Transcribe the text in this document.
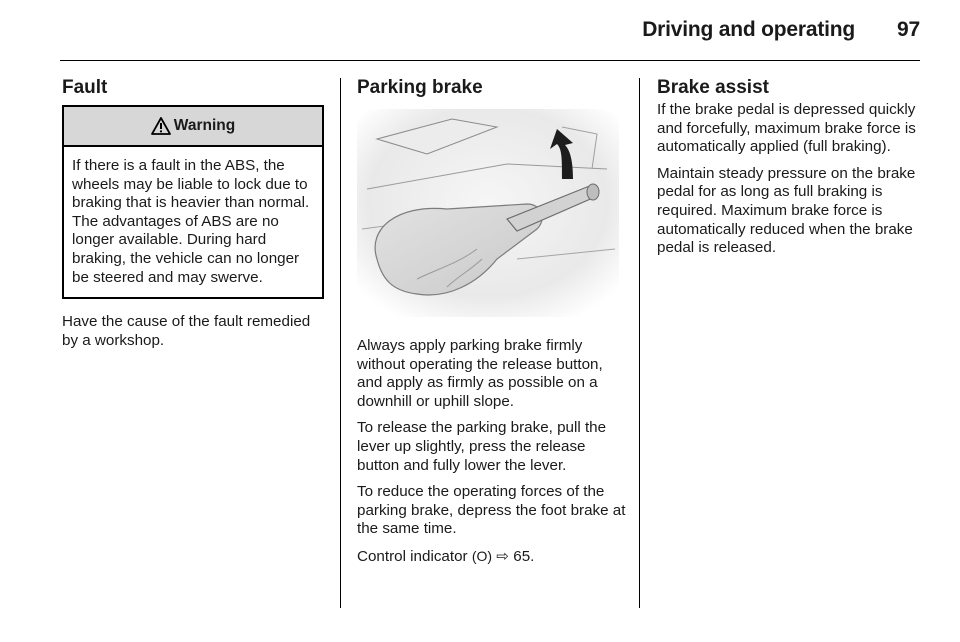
Driving and operating 97
Fault
Warning
If there is a fault in the ABS, the wheels may be liable to lock due to braking that is heavier than normal. The advantages of ABS are no longer available. During hard braking, the vehicle can no longer be steered and may swerve.

Have the cause of the fault remedied by a workshop.

Parking brake

Always apply parking brake firmly without operating the release button, and apply as firmly as possible on a downhill or uphill slope.

To release the parking brake, pull the lever up slightly, press the release button and fully lower the lever.

To reduce the operating forces of the parking brake, depress the foot brake at the same time.

Control indicator (O) ⇨ 65.

Brake assist

If the brake pedal is depressed quickly and forcefully, maximum brake force is automatically applied (full braking).

Maintain steady pressure on the brake pedal for as long as full braking is required. Maximum brake force is automatically reduced when the brake pedal is released.
